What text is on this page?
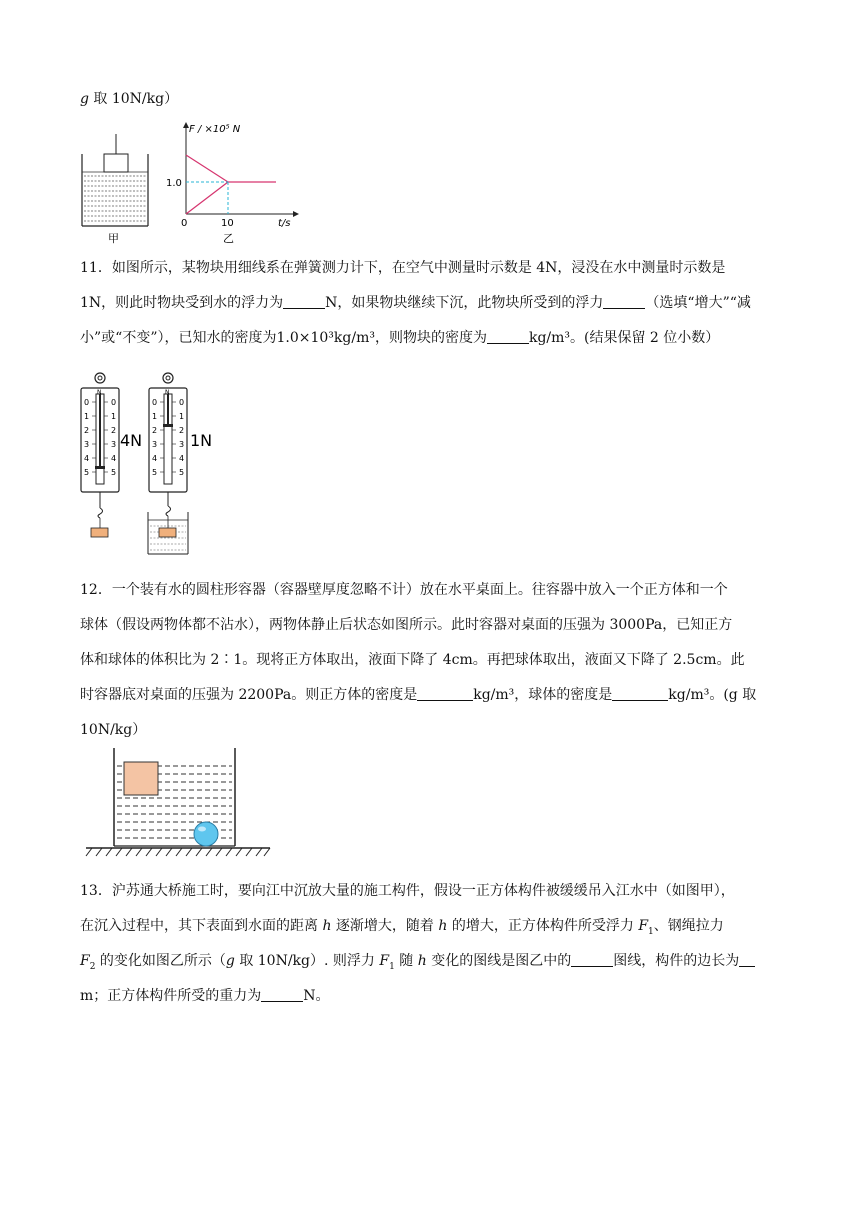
g 取 10N/kg）
甲
F / ×10⁵ N
1.0
0	10	t/s
乙
11．如图所示，某物块用细线系在弹簧测力计下，在空气中测量时示数是 4N，浸没在水中测量时示数是
1N，则此时物块受到水的浮力为	N，如果物块继续下沉，此物块所受到的浮力	（选填“增大”“减
小”或“不变”），已知水的密度为1.0×10³kg/m³，则物块的密度为	kg/m³。(结果保留 2 位小数）
0	0
1	1
2	2
3	3
4	4
5	5
N
4N
0	0
1	1
2	2
3	3
4	4
5	5
N
1N
12．一个装有水的圆柱形容器（容器壁厚度忽略不计）放在水平桌面上。往容器中放入一个正方体和一个
球体（假设两物体都不沾水），两物体静止后状态如图所示。此时容器对桌面的压强为 3000Pa，已知正方
体和球体的体积比为 2∶1。现将正方体取出，液面下降了 4cm。再把球体取出，液面又下降了 2.5cm。此
时容器底对桌面的压强为 2200Pa。则正方体的密度是	kg/m³，球体的密度是	kg/m³。(g 取
10N/kg）
13．沪苏通大桥施工时，要向江中沉放大量的施工构件，假设一正方体构件被缓缓吊入江水中（如图甲），
在沉入过程中，其下表面到水面的距离 h 逐渐增大，随着 h 的增大，正方体构件所受浮力 $F_1$、钢绳拉力
$F_2$ 的变化如图乙所示（g 取 10N/kg）. 则浮力 $F_1$ 随 h 变化的图线是图乙中的	图线，构件的边长为
m；正方体构件所受的重力为	N。
